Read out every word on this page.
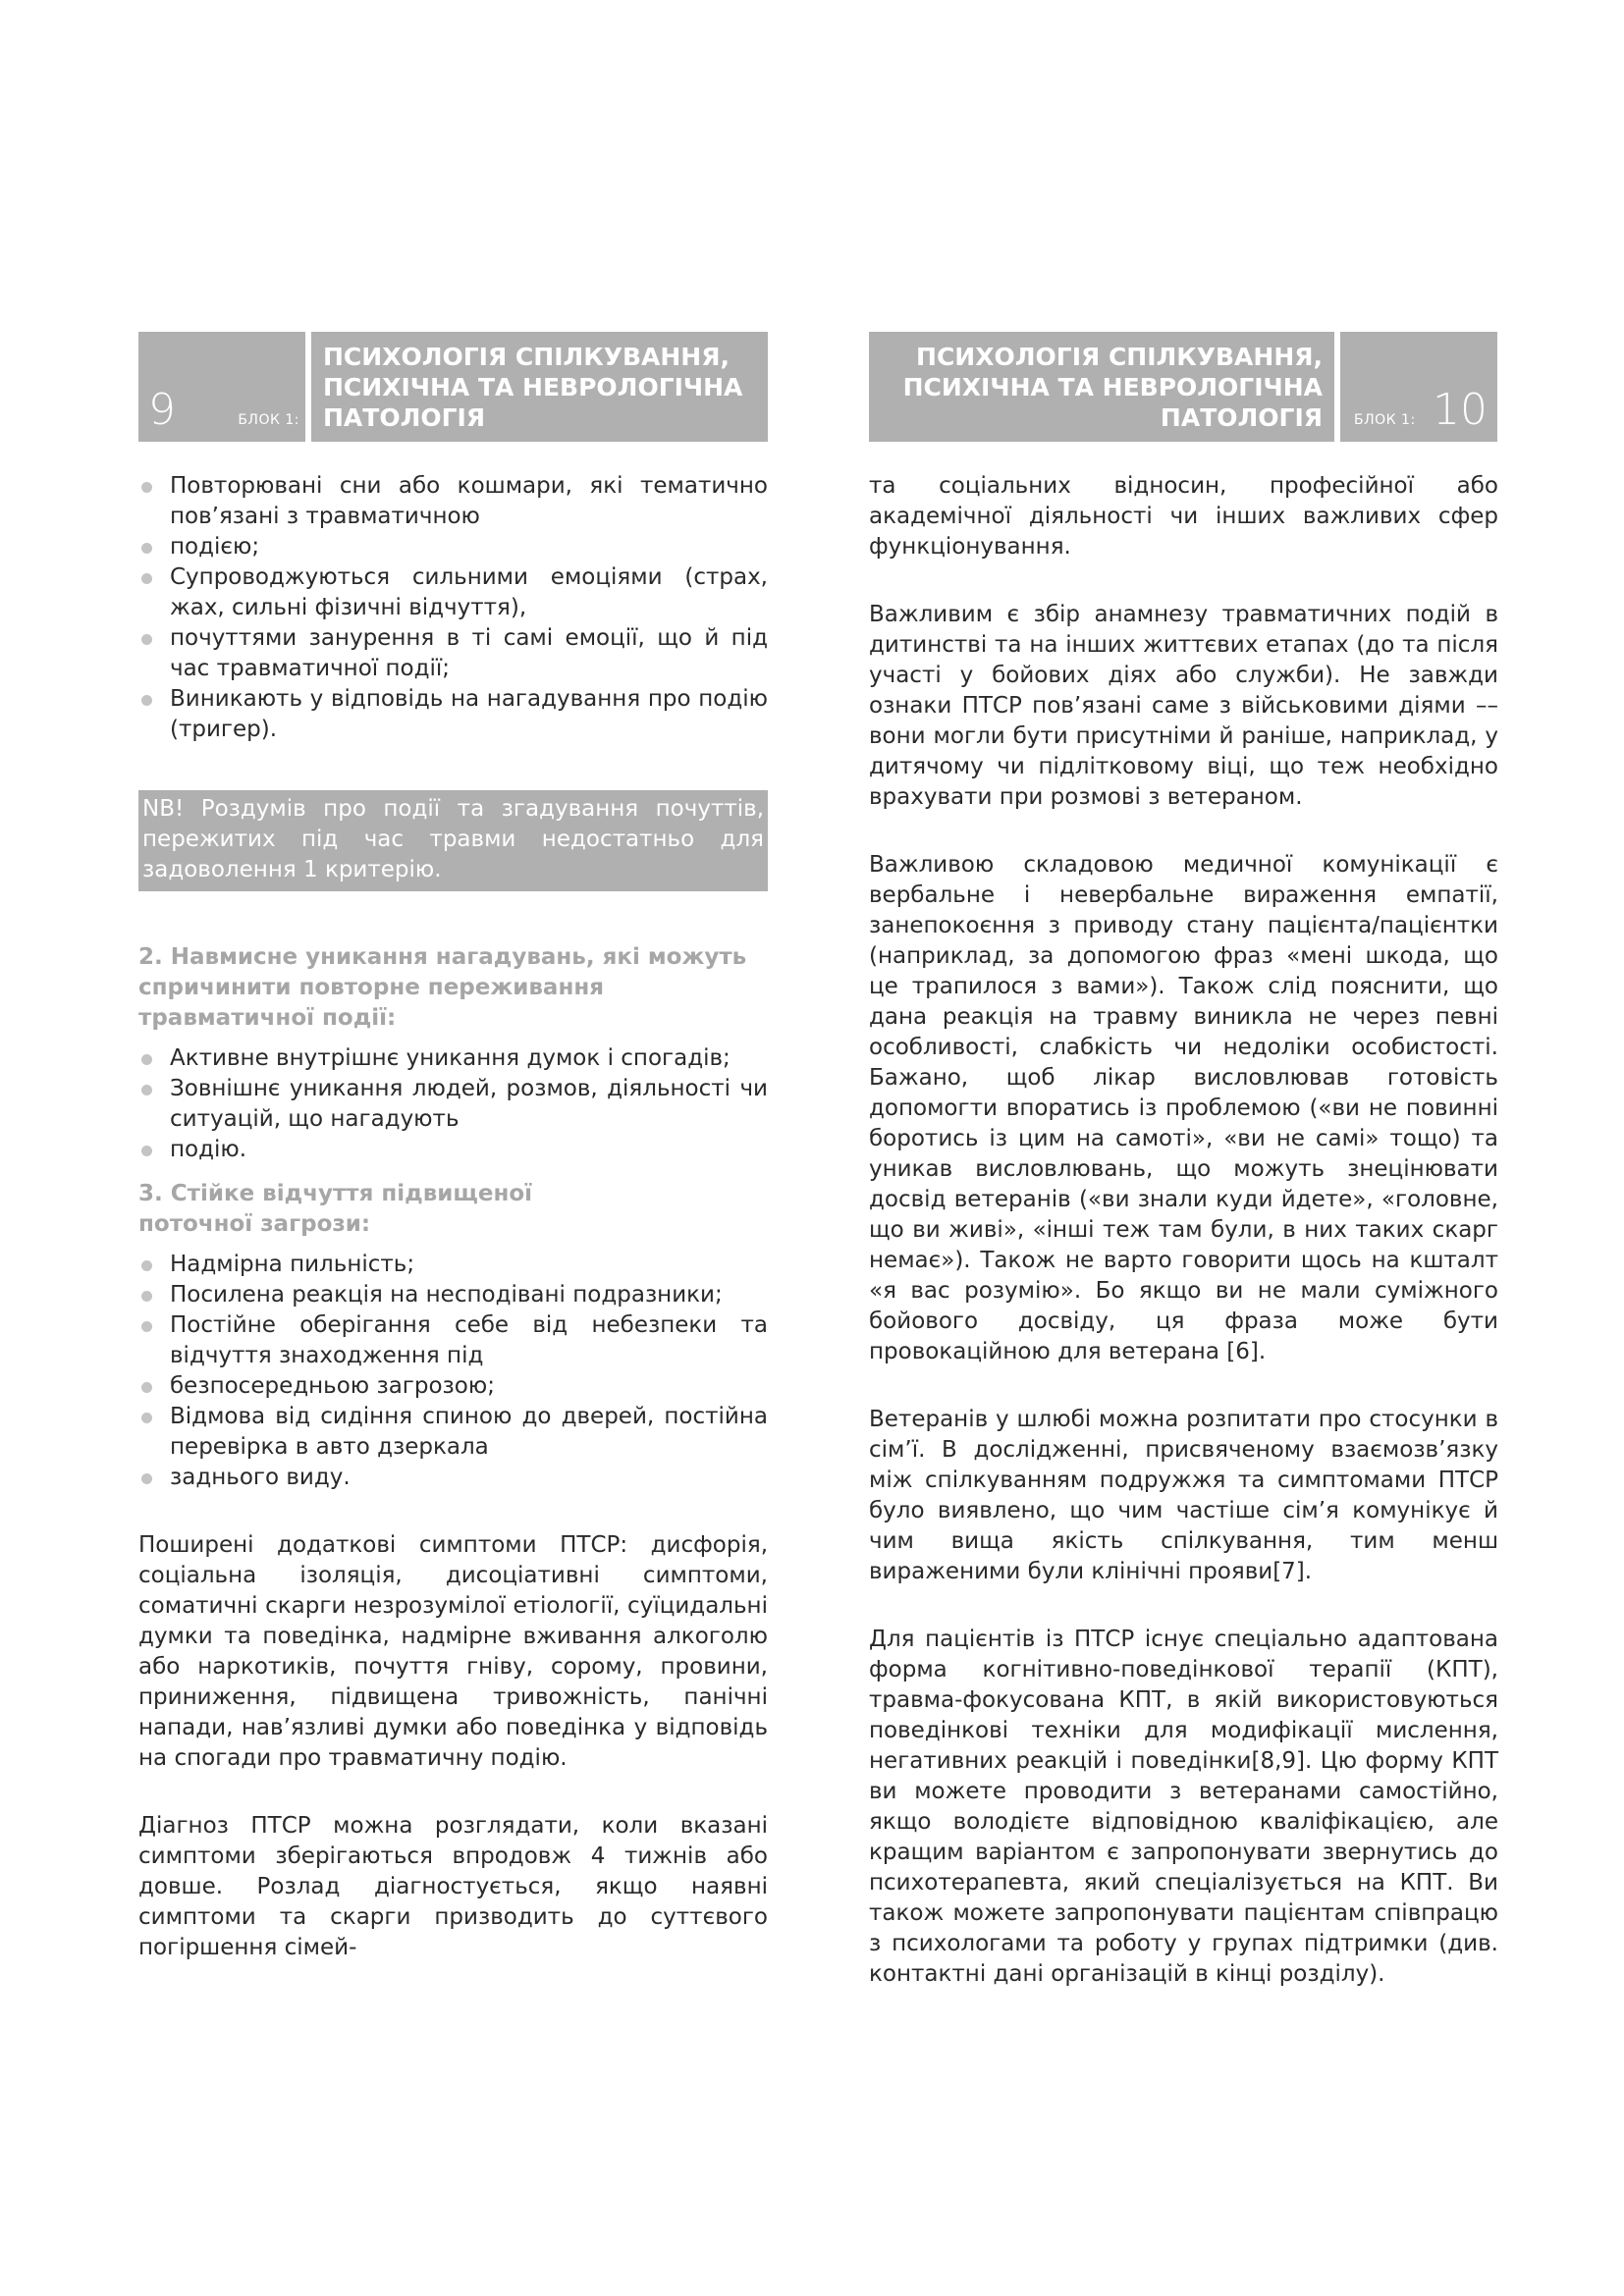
9	БЛОК 1:
ПСИХОЛОГІЯ СПІЛКУВАННЯ,
ПСИХІЧНА ТА НЕВРОЛОГІЧНА
ПАТОЛОГІЯ
ПСИХОЛОГІЯ СПІЛКУВАННЯ,
ПСИХІЧНА ТА НЕВРОЛОГІЧНА
ПАТОЛОГІЯ БЛОК 1: 10
Повторювані сни або кошмари, які тематично пов’язані з травматичною
подією;
Супроводжуються сильними емоціями (страх, жах, сильні фізичні відчуття),
почуттями занурення в ті самі емоції, що й під час травматичної події;
Виникають у відповідь на нагадування про подію (тригер).
NB! Роздумів про події та згадування почуттів, пережитих під час травми недостатньо для задоволення 1 критерію.
2. Навмисне уникання нагадувань, які можуть спричинити повторне переживання травматичної події:
Активне внутрішнє уникання думок і спогадів;
Зовнішнє уникання людей, розмов, діяльності чи ситуацій, що нагадують
подію.
3. Стійке відчуття підвищеної
поточної загрози:
Надмірна пильність;
Посилена реакція на несподівані подразники;
Постійне оберігання себе від небезпеки та відчуття знаходження під
безпосередньою загрозою;
Відмова від сидіння спиною до дверей, постійна перевірка в авто дзеркала
заднього виду.

Поширені додаткові симптоми ПТСР: дисфорія, соціальна ізоляція, дисоціативні симптоми, соматичні скарги незрозумілої етіології, суїцидальні думки та поведінка, надмірне вживання алкоголю або наркотиків, почуття гніву, сорому, провини, приниження, підвищена тривожність, панічні напади, нав’язливі думки або поведінка у відповідь на спогади про травматичну подію.

Діагноз ПТСР можна розглядати, коли вказані симптоми зберігаються впродовж 4 тижнів або довше. Розлад діагностується, якщо наявні симптоми та скарги призводить до суттєвого погіршення сімей-

та соціальних відносин, професійної або академічної діяльності чи інших важливих сфер функціонування.

Важливим є збір анамнезу травматичних подій в дитинстві та на інших життєвих етапах (до та після участі у бойових діях або служби). Не завжди ознаки ПТСР пов’язані саме з військовими діями –– вони могли бути присутніми й раніше, наприклад, у дитячому чи підлітковому віці, що теж необхідно врахувати при розмові з ветераном.

Важливою складовою медичної комунікації є вербальне і невербальне вираження емпатії, занепокоєння з приводу стану пацієнта/пацієнтки (наприклад, за допомогою фраз «мені шкода, що це трапилося з вами»). Також слід пояснити, що дана реакція на травму виникла не через певні особливості, слабкість чи недоліки особистості. Бажано, щоб лікар висловлював готовість допомогти впоратись із проблемою («ви не повинні боротись із цим на самоті», «ви не самі» тощо) та уникав висловлювань, що можуть знецінювати досвід ветеранів («ви знали куди йдете», «головне, що ви живі», «інші теж там були, в них таких скарг немає»). Також не варто говорити щось на кшталт «я вас розумію». Бо якщо ви не мали суміжного бойового досвіду, ця фраза може бути провокаційною для ветерана [6].

Ветеранів у шлюбі можна розпитати про стосунки в сім’ї. В дослідженні, присвяченому взаємозв’язку між спілкуванням подружжя та симптомами ПТСР було виявлено, що чим частіше сім’я комунікує й чим вища якість спілкування, тим менш вираженими були клінічні прояви[7].

Для пацієнтів із ПТСР існує спеціально адаптована форма когнітивно-поведінкової терапії (КПТ), травма-фокусована КПТ, в якій використовуються поведінкові техніки для модифікації мислення, негативних реакцій і поведінки[8,9]. Цю форму КПТ ви можете проводити з ветеранами самостійно, якщо володієте відповідною кваліфікацією, але кращим варіантом є запропонувати звернутись до психотерапевта, який спеціалізується на КПТ. Ви також можете запропонувати пацієнтам співпрацю з психологами та роботу у групах підтримки (див. контактні дані організацій в кінці розділу).
